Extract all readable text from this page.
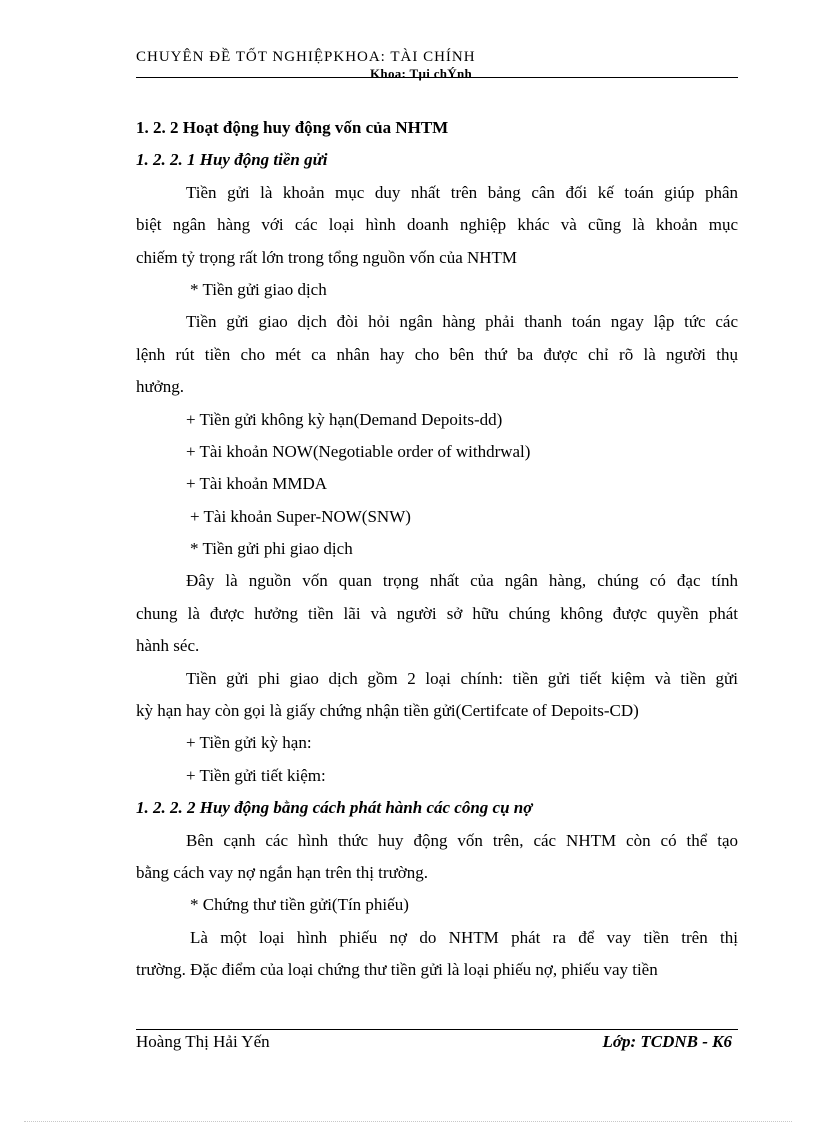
CHUYÊN ĐỀ TỐT NGHIỆPKHOA: TÀI CHÍNH
Khoa: Tµi chÝnh
1. 2. 2 Hoạt động huy động vốn của NHTM
1. 2. 2. 1 Huy động tiền gửi
Tiền gửi là khoản mục duy nhất trên bảng cân đối kế toán giúp phân
biệt ngân hàng với các loại hình doanh nghiệp khác và cũng là khoản mục
chiếm tỷ trọng rất lớn trong tổng nguồn vốn của NHTM
* Tiền gửi giao dịch
Tiền gửi giao dịch đòi hỏi ngân hàng phải thanh toán ngay lập tức các
lệnh rút tiền cho mét ca nhân hay cho bên thứ ba được chỉ rõ là người thụ
hưởng.
+ Tiền gửi không kỳ hạn(Demand Depoits-dd)
+ Tài khoản NOW(Negotiable order of withdrwal)
+ Tài khoản MMDA
+ Tài khoản Super-NOW(SNW)
* Tiền gửi phi giao dịch
Đây là nguồn vốn quan trọng nhất của ngân hàng, chúng có đạc tính
chung là được hưởng tiền lãi và người sở hữu chúng không được quyền phát
hành séc.
Tiền gửi phi giao dịch gồm 2 loại chính: tiền gửi tiết kiệm và tiền gửi
kỳ hạn hay còn gọi là giấy chứng nhận tiền gửi(Certifcate of Depoits-CD)
+ Tiền gửi kỳ hạn:
+ Tiền gửi tiết kiệm:
1. 2. 2. 2 Huy động bằng cách phát hành các công cụ nợ
Bên cạnh các hình thức huy động vốn trên, các NHTM còn có thể tạo
bằng cách vay nợ ngắn hạn trên thị trường.
* Chứng thư tiền gửi(Tín phiếu)
Là một loại hình phiếu nợ do NHTM phát ra để vay tiền trên thị
trường. Đặc điểm của loại chứng thư tiền gửi là loại phiếu nợ, phiếu vay tiền
Hoàng Thị Hải Yến	Lớp: TCDNB - K6
